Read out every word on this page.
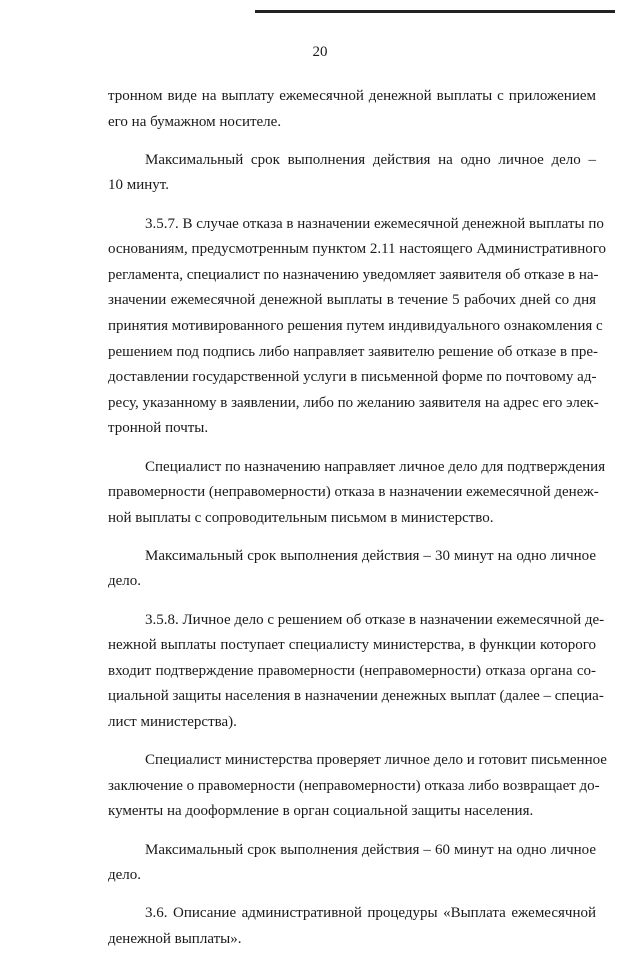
20

тронном виде на выплату ежемесячной денежной выплаты с приложением
его на бумажном носителе.

Максимальный срок выполнения действия на одно личное дело –
10 минут.

3.5.7. В случае отказа в назначении ежемесячной денежной выплаты по
основаниям, предусмотренным пунктом 2.11 настоящего Административного
регламента, специалист по назначению уведомляет заявителя об отказе в на-
значении ежемесячной денежной выплаты в течение 5 рабочих дней со дня
принятия мотивированного решения путем индивидуального ознакомления с
решением под подпись либо направляет заявителю решение об отказе в пре-
доставлении государственной услуги в письменной форме по почтовому ад-
ресу, указанному в заявлении, либо по желанию заявителя на адрес его элек-
тронной почты.

Специалист по назначению направляет личное дело для подтверждения
правомерности (неправомерности) отказа в назначении ежемесячной денеж-
ной выплаты с сопроводительным письмом в министерство.

Максимальный срок выполнения действия – 30 минут на одно личное
дело.

3.5.8. Личное дело с решением об отказе в назначении ежемесячной де-
нежной выплаты поступает специалисту министерства, в функции которого
входит подтверждение правомерности (неправомерности) отказа органа со-
циальной защиты населения в назначении денежных выплат (далее – специа-
лист министерства).

Специалист министерства проверяет личное дело и готовит письменное
заключение о правомерности (неправомерности) отказа либо возвращает до-
кументы на дооформление в орган социальной защиты населения.

Максимальный срок выполнения действия – 60 минут на одно личное
дело.

3.6. Описание административной процедуры «Выплата ежемесячной
денежной выплаты».
